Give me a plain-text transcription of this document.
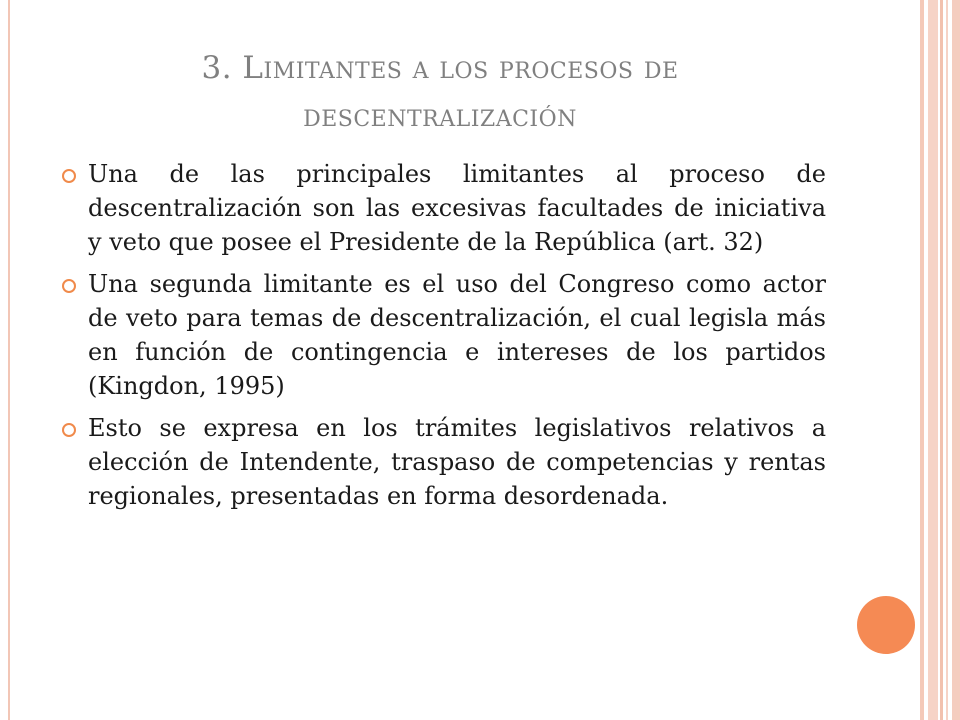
3. Limitantes a los procesos de
descentralización
Una de las principales limitantes al proceso de descentralización son las excesivas facultades de iniciativa y veto que posee el Presidente de la República (art. 32)
Una segunda limitante es el uso del Congreso como actor de veto para temas de descentralización, el cual legisla más en función de contingencia e intereses de los partidos (Kingdon, 1995)
Esto se expresa en los trámites legislativos relativos a elección de Intendente, traspaso de competencias y rentas regionales, presentadas en forma desordenada.
